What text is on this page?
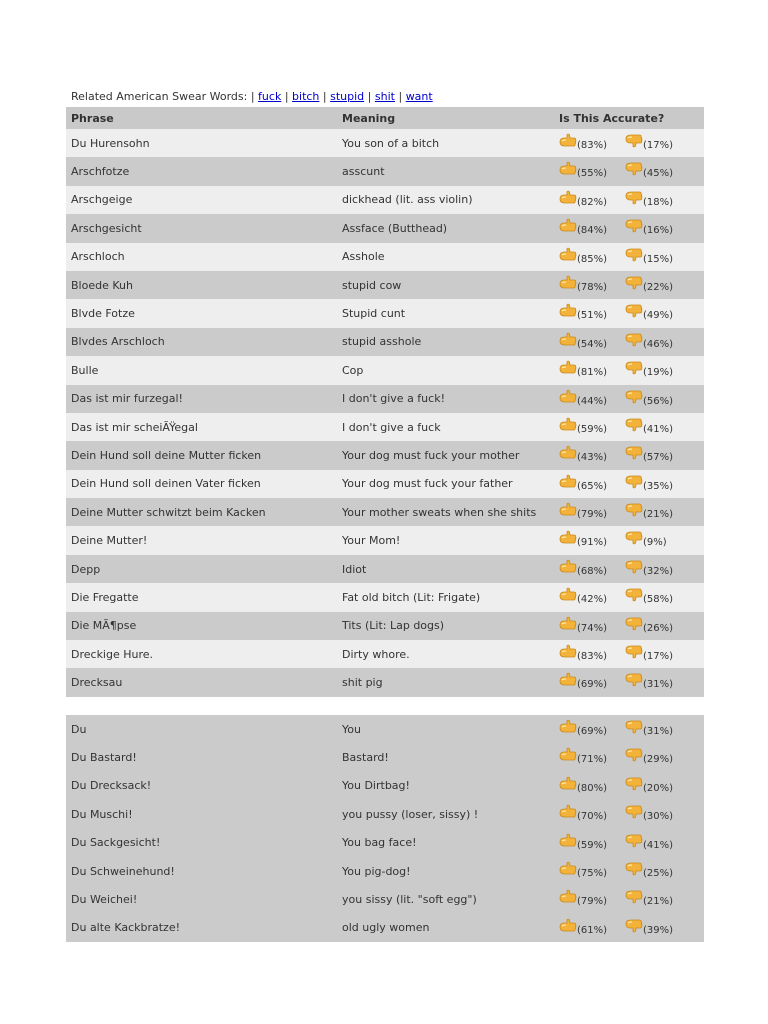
Related American Swear Words: | fuck | bitch | stupid | shit | want
Phrase	Meaning	Is This Accurate?
Du Hurensohn	You son of a bitch	(83%)	(17%)
Arschfotze	asscunt	(55%)	(45%)
Arschgeige	dickhead (lit. ass violin)	(82%)	(18%)
Arschgesicht	Assface (Butthead)	(84%)	(16%)
Arschloch	Asshole	(85%)	(15%)
Bloede Kuh	stupid cow	(78%)	(22%)
Blvde Fotze	Stupid cunt	(51%)	(49%)
Blvdes Arschloch	stupid asshole	(54%)	(46%)
Bulle	Cop	(81%)	(19%)
Das ist mir furzegal!	I don't give a fuck!	(44%)	(56%)
Das ist mir scheiÃŸegal	I don't give a fuck	(59%)	(41%)
Dein Hund soll deine Mutter ficken	Your dog must fuck your mother	(43%)	(57%)
Dein Hund soll deinen Vater ficken	Your dog must fuck your father	(65%)	(35%)
Deine Mutter schwitzt beim Kacken	Your mother sweats when she shits	(79%)	(21%)
Deine Mutter!	Your Mom!	(91%)	(9%)
Depp	Idiot	(68%)	(32%)
Die Fregatte	Fat old bitch (Lit: Frigate)	(42%)	(58%)
Die MÃ¶pse	Tits (Lit: Lap dogs)	(74%)	(26%)
Dreckige Hure.	Dirty whore.	(83%)	(17%)
Drecksau	shit pig	(69%)	(31%)
Du	You	(69%)	(31%)
Du Bastard!	Bastard!	(71%)	(29%)
Du Drecksack!	You Dirtbag!	(80%)	(20%)
Du Muschi!	you pussy (loser, sissy) !	(70%)	(30%)
Du Sackgesicht!	You bag face!	(59%)	(41%)
Du Schweinehund!	You pig-dog!	(75%)	(25%)
Du Weichei!	you sissy (lit. "soft egg")	(79%)	(21%)
Du alte Kackbratze!	old ugly women	(61%)	(39%)
